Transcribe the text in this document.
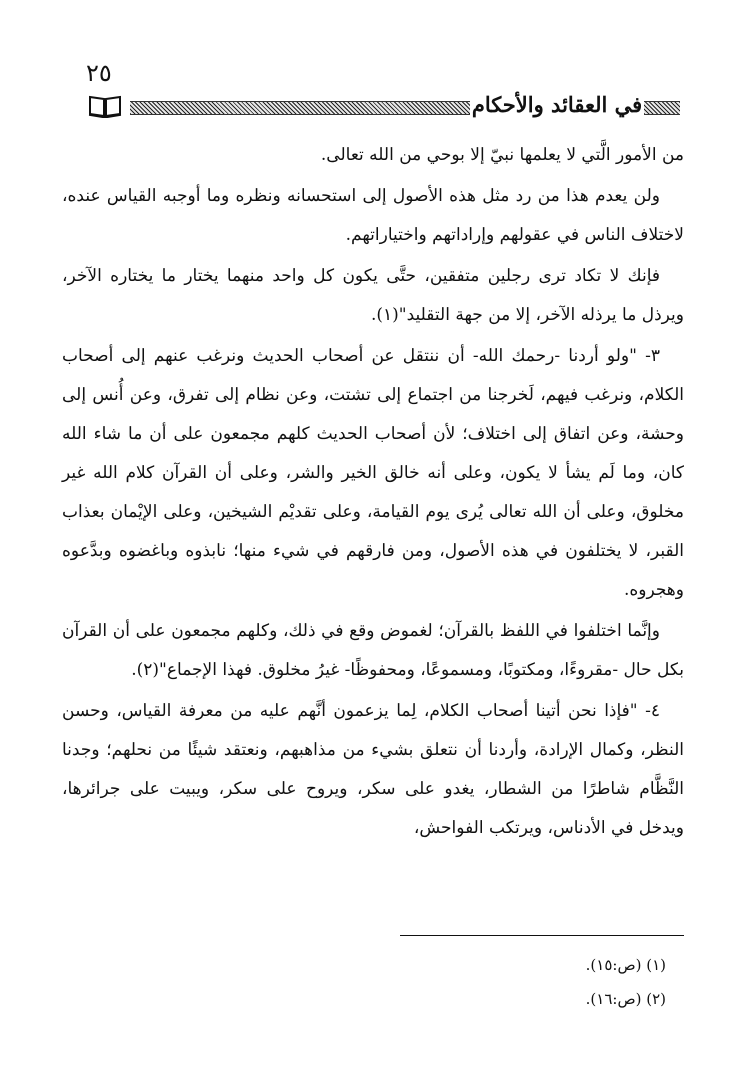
٢٥
في العقائد والأحكام

من الأمور الَّتي لا يعلمها نبيّ إلا بوحي من الله تعالى.

ولن يعدم هذا من رد مثل هذه الأصول إلى استحسانه ونظره وما أوجبه القياس عنده، لاختلاف الناس في عقولهم وإراداتهم واختياراتهم.

فإنك لا تكاد ترى رجلين متفقين، حتَّى يكون كل واحد منهما يختار ما يختاره الآخر، ويرذل ما يرذله الآخر، إلا من جهة التقليد"(١).

٣- "ولو أردنا -رحمك الله- أن ننتقل عن أصحاب الحديث ونرغب عنهم إلى أصحاب الكلام، ونرغب فيهم، لَخرجنا من اجتماع إلى تشتت، وعن نظام إلى تفرق، وعن أُنس إلى وحشة، وعن اتفاق إلى اختلاف؛ لأن أصحاب الحديث كلهم مجمعون على أن ما شاء الله كان، وما لَم يشأ لا يكون، وعلى أنه خالق الخير والشر، وعلى أن القرآن كلام الله غير مخلوق، وعلى أن الله تعالى يُرى يوم القيامة، وعلى تقديْم الشيخين، وعلى الإيْمان بعذاب القبر، لا يختلفون في هذه الأصول، ومن فارقهم في شيء منها؛ نابذوه وباغضوه وبدَّعوه وهجروه.

وإنَّما اختلفوا في اللفظ بالقرآن؛ لغموض وقع في ذلك، وكلهم مجمعون على أن القرآن بكل حال -مقروءًا، ومكتوبًا، ومسموعًا، ومحفوظًا- غيرُ مخلوق. فهذا الإجماع"(٢).

٤- "فإذا نحن أتينا أصحاب الكلام، لِما يزعمون أنَّهم عليه من معرفة القياس، وحسن النظر، وكمال الإرادة، وأردنا أن نتعلق بشيء من مذاهبهم، ونعتقد شيئًا من نحلهم؛ وجدنا النَّظَّام شاطرًا من الشطار، يغدو على سكر، ويروح على سكر، ويبيت على جرائرها، ويدخل في الأدناس، ويرتكب الفواحش،

(١) (ص:١٥).
(٢) (ص:١٦).
